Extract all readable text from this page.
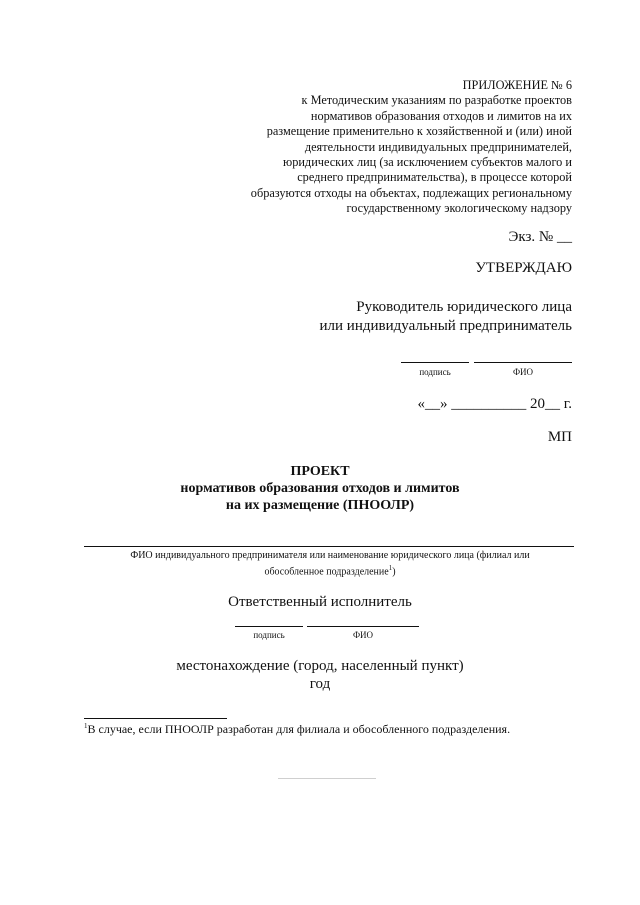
ПРИЛОЖЕНИЕ № 6
к Методическим указаниям по разработке проектов
нормативов образования отходов и лимитов на их
размещение применительно к хозяйственной и (или) иной
деятельности индивидуальных предпринимателей,
юридических лиц (за исключением субъектов малого и
среднего предпринимательства), в процессе которой
образуются отходы на объектах, подлежащих региональному
государственному экологическому надзору
Экз. № __
УТВЕРЖДАЮ
Руководитель юридического лица
или индивидуальный предприниматель
подпись	ФИО
«__» __________ 20__ г.
МП
ПРОЕКТ
нормативов образования отходов и лимитов
на их размещение (ПНООЛР)
ФИО индивидуального предпринимателя или наименование юридического лица (филиал или
обособленное подразделение$^1$)
Ответственный исполнитель
подпись	ФИО
местонахождение (город, населенный пункт)
год
$^1$В случае, если ПНООЛР разработан для филиала и обособленного подразделения.
